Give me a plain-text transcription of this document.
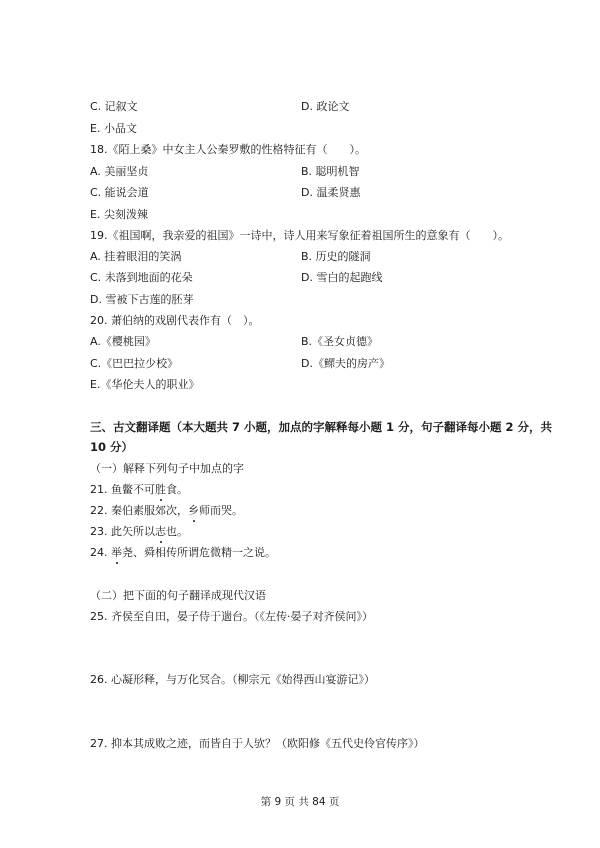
C. 记叙文	D. 政论文
E. 小品文
18.《陌上桑》中女主人公秦罗敷的性格特征有（　　）。
A. 美丽坚贞	B. 聪明机智
C. 能说会道	D. 温柔贤惠
E. 尖刻泼辣
19.《祖国啊，我亲爱的祖国》一诗中，诗人用来写象征着祖国所生的意象有（　　）。
A. 挂着眼泪的笑涡	B. 历史的隧洞
C. 未落到地面的花朵	D. 雪白的起跑线
D. 雪被下古莲的胚芽
20. 萧伯纳的戏剧代表作有（　）。
A.《樱桃园》	B.《圣女贞德》
C.《巴巴拉少校》	D.《鳏夫的房产》
E.《华伦夫人的职业》
三、古文翻译题（本大题共 7 小题，加点的字解释每小题 1 分，句子翻译每小题 2 分，共
10 分）
（一）解释下列句子中加点的字
21. 鱼鳖不可胜食。
22. 秦伯素服郊次，乡师而哭。
23. 此矢所以志也。
24. 举尧、舜相传所谓危微精一之说。
（二）把下面的句子翻译成现代汉语
25. 齐侯至自田，晏子侍于遄台。（《左传·晏子对齐侯问》）
26. 心凝形释，与万化冥合。（柳宗元《始得西山宴游记》）
27. 抑本其成败之迹，而皆自于人欤？（欧阳修《五代史伶官传序》）
第 9 页 共 84 页
